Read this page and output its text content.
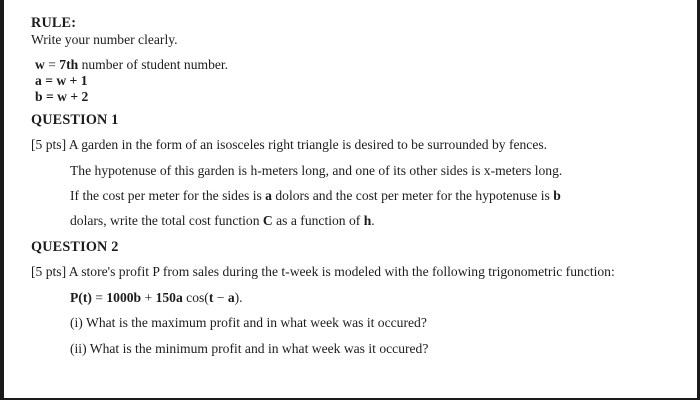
RULE:
Write your number clearly.
w = 7th number of student number.
a = w + 1
b = w + 2
QUESTION 1
[5 pts] A garden in the form of an isosceles right triangle is desired to be surrounded by fences.
The hypotenuse of this garden is h-meters long, and one of its other sides is x-meters long.
If the cost per meter for the sides is a dolors and the cost per meter for the hypotenuse is b
dolars, write the total cost function C as a function of h.
QUESTION 2
[5 pts] A store's profit P from sales during the t-week is modeled with the following trigonometric function:
P(t) = 1000b + 150a cos(t − a).
(i) What is the maximum profit and in what week was it occured?
(ii) What is the minimum profit and in what week was it occured?
